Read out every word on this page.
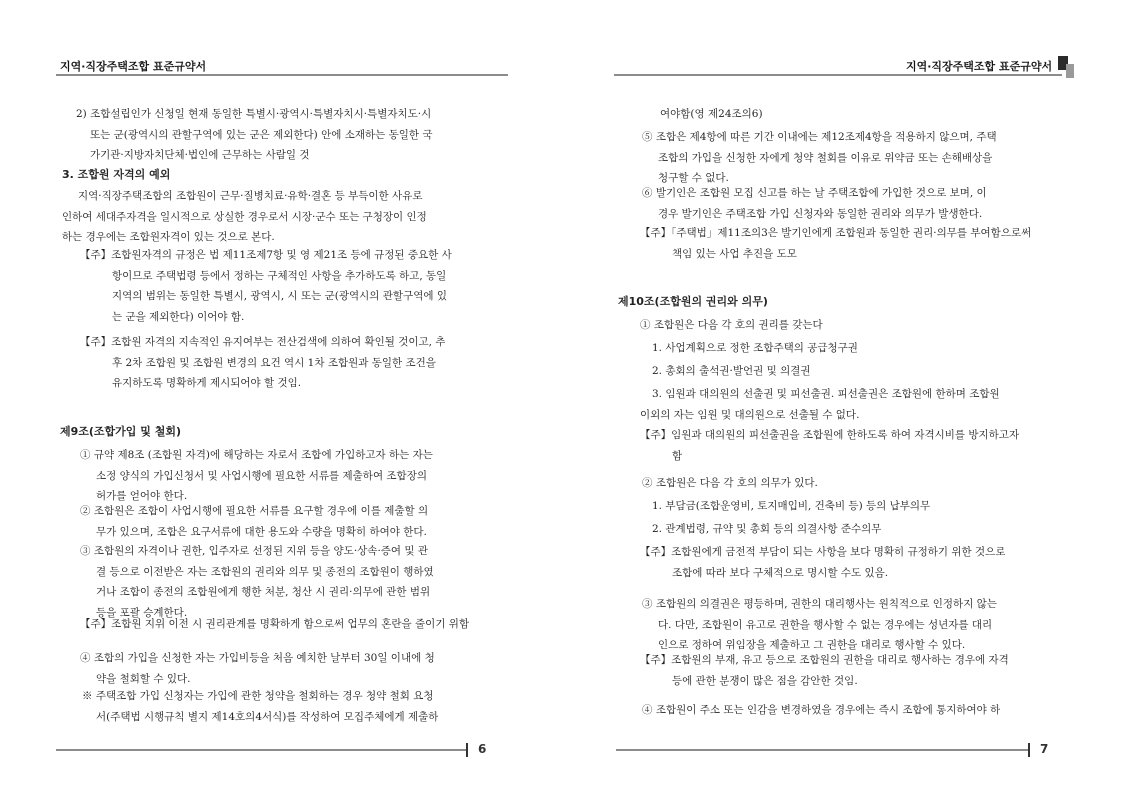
지역·직장주택조합 표준규약서
2) 조합설립인가 신청일 현재 동일한 특별시·광역시·특별자치시·특별자치도·시
또는 군(광역시의 관할구역에 있는 군은 제외한다) 안에 소재하는 동일한 국
가기관·지방자치단체·법인에 근무하는 사람일 것
3. 조합원 자격의 예외
지역·직장주택조합의 조합원이 근무·질병치료·유학·결혼 등 부득이한 사유로
인하여 세대주자격을 일시적으로 상실한 경우로서 시장·군수 또는 구청장이 인정
하는 경우에는 조합원자격이 있는 것으로 본다.
【주】조합원자격의 규정은 법 제11조제7항 및 영 제21조 등에 규정된 중요한 사
항이므로 주택법령 등에서 정하는 구체적인 사항을 추가하도록 하고, 동일
지역의 범위는 동일한 특별시, 광역시, 시 또는 군(광역시의 관할구역에 있
는 군을 제외한다) 이어야 함.
【주】조합원 자격의 지속적인 유지여부는 전산검색에 의하여 확인될 것이고, 추
후 2차 조합원 및 조합원 변경의 요건 역시 1차 조합원과 동일한 조건을
유지하도록 명확하게 제시되어야 할 것임.
제9조(조합가입 및 철회)
① 규약 제8조 (조합원 자격)에 해당하는 자로서 조합에 가입하고자 하는 자는
소정 양식의 가입신청서 및 사업시행에 필요한 서류를 제출하여 조합장의
허가를 얻어야 한다.
② 조합원은 조합이 사업시행에 필요한 서류를 요구할 경우에 이를 제출할 의
무가 있으며, 조합은 요구서류에 대한 용도와 수량을 명확히 하여야 한다.
③ 조합원의 자격이나 권한, 입주자로 선정된 지위 등을 양도·상속·증여 및 관
결 등으로 이전받은 자는 조합원의 권리와 의무 및 종전의 조합원이 행하였
거나 조합이 종전의 조합원에게 행한 처분, 청산 시 권리·의무에 관한 범위
등을 포괄 승계한다.
【주】조합원 지위 이전 시 권리관계를 명확하게 함으로써 업무의 혼란을 줄이기 위함
④ 조합의 가입을 신청한 자는 가입비등을 처음 예치한 날부터 30일 이내에 청
약을 철회할 수 있다.
※ 주택조합 가입 신청자는 가입에 관한 청약을 철회하는 경우 청약 철회 요청
서(주택법 시행규칙 별지 제14호의4서식)를 작성하여 모집주체에게 제출하
6
지역·직장주택조합 표준규약서
여야함(영 제24조의6)
⑤ 조합은 제4항에 따른 기간 이내에는 제12조제4항을 적용하지 않으며, 주택
조합의 가입을 신청한 자에게 청약 철회를 이유로 위약금 또는 손해배상을
청구할 수 없다.
⑥ 발기인은 조합원 모집 신고를 하는 날 주택조합에 가입한 것으로 보며, 이
경우 발기인은 주택조합 가입 신청자와 동일한 권리와 의무가 발생한다.
【주】「주택법」제11조의3은 발기인에게 조합원과 동일한 권리·의무를 부여함으로써
책임 있는 사업 추진을 도모
제10조(조합원의 권리와 의무)
① 조합원은 다음 각 호의 권리를 갖는다
1. 사업계획으로 정한 조합주택의 공급청구권
2. 총회의 출석권·발언권 및 의결권
3. 임원과 대의원의 선출권 및 피선출권. 피선출권은 조합원에 한하며 조합원
이외의 자는 임원 및 대의원으로 선출될 수 없다.
【주】임원과 대의원의 피선출권을 조합원에 한하도록 하여 자격시비를 방지하고자
함
② 조합원은 다음 각 호의 의무가 있다.
1. 부담금(조합운영비, 토지매입비, 건축비 등) 등의 납부의무
2. 관계법령, 규약 및 총회 등의 의결사항 준수의무
【주】조합원에게 금전적 부담이 되는 사항을 보다 명확히 규정하기 위한 것으로
조합에 따라 보다 구체적으로 명시할 수도 있음.
③ 조합원의 의결권은 평등하며, 권한의 대리행사는 원칙적으로 인정하지 않는
다. 다만, 조합원이 유고로 권한을 행사할 수 없는 경우에는 성년자를 대리
인으로 정하여 위임장을 제출하고 그 권한을 대리로 행사할 수 있다.
【주】조합원의 부재, 유고 등으로 조합원의 권한을 대리로 행사하는 경우에 자격
등에 관한 분쟁이 많은 점을 감안한 것임.
④ 조합원이 주소 또는 인감을 변경하였을 경우에는 즉시 조합에 통지하여야 하
7
